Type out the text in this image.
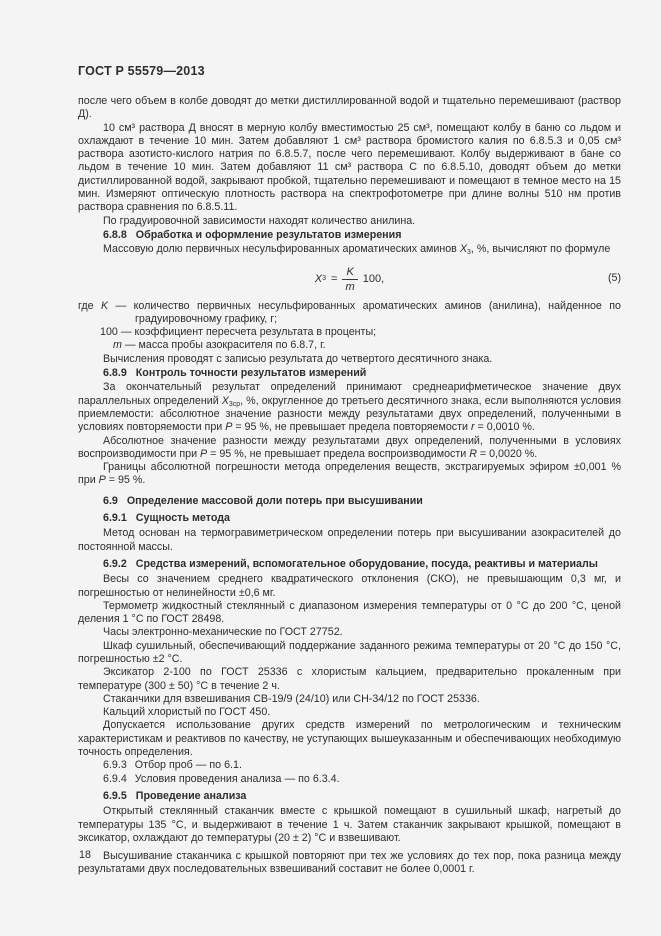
ГОСТ Р 55579—2013

после чего объем в колбе доводят до метки дистиллированной водой и тщательно перемешивают (раствор Д).

10 см³ раствора Д вносят в мерную колбу вместимостью 25 см³, помещают колбу в баню со льдом и охлаждают в течение 10 мин. Затем добавляют 1 см³ раствора бромистого калия по 6.8.5.3 и 0,05 см³ раствора азотисто-кислого натрия по 6.8.5.7, после чего перемешивают. Колбу выдерживают в бане со льдом в течение 10 мин. Затем добавляют 11 см³ раствора С по 6.8.5.10, доводят объем до метки дистиллированной водой, закрывают пробкой, тщательно перемешивают и помещают в темное место на 15 мин. Измеряют оптическую плотность раствора на спектрофотометре при длине волны 510 нм против раствора сравнения по 6.8.5.11.

По градуировочной зависимости находят количество анилина.

6.8.8 Обработка и оформление результатов измерения

Массовую долю первичных несульфированных ароматических аминов $X_3$, %, вычисляют по формуле

X $3 = \frac{K}{m} 100$,	(5)

где K — количество первичных несульфированных ароматических аминов (анилина), найденное по градуировочному графику, г;

100 — коэффициент пересчета результата в проценты;

m — масса пробы азокрасителя по 6.8.7, г.

Вычисления проводят с записью результата до четвертого десятичного знака.

6.8.9 Контроль точности результатов измерений

За окончательный результат определений принимают среднеарифметическое значение двух параллельных определений $X_{3ср}$, %, округленное до третьего десятичного знака, если выполняются условия приемлемости: абсолютное значение разности между результатами двух определений, полученными в условиях повторяемости при P = 95 %, не превышает предела повторяемости r = 0,0010 %.

Абсолютное значение разности между результатами двух определений, полученными в условиях воспроизводимости при P = 95 %, не превышает предела воспроизводимости R = 0,0020 %.

Границы абсолютной погрешности метода определения веществ, экстрагируемых эфиром ±0,001 % при P = 95 %.

6.9 Определение массовой доли потерь при высушивании

6.9.1 Сущность метода

Метод основан на термогравиметрическом определении потерь при высушивании азокрасителей до постоянной массы.

6.9.2 Средства измерений, вспомогательное оборудование, посуда, реактивы и материалы

Весы со значением среднего квадратического отклонения (СКО), не превышающим 0,3 мг, и погрешностью от нелинейности ±0,6 мг.

Термометр жидкостный стеклянный с диапазоном измерения температуры от 0 °С до 200 °С, ценой деления 1 °С по ГОСТ 28498.

Часы электронно-механические по ГОСТ 27752.

Шкаф сушильный, обеспечивающий поддержание заданного режима температуры от 20 °С до 150 °С, погрешностью ±2 °С.

Эксикатор 2-100 по ГОСТ 25336 с хлористым кальцием, предварительно прокаленным при температуре (300 ± 50) °С в течение 2 ч.

Стаканчики для взвешивания СВ-19/9 (24/10) или СН-34/12 по ГОСТ 25336.

Кальций хлористый по ГОСТ 450.

Допускается использование других средств измерений по метрологическим и техническим характеристикам и реактивов по качеству, не уступающих вышеуказанным и обеспечивающих необходимую точность определения.

6.9.3 Отбор проб — по 6.1.

6.9.4 Условия проведения анализа — по 6.3.4.

6.9.5 Проведение анализа

Открытый стеклянный стаканчик вместе с крышкой помещают в сушильный шкаф, нагретый до температуры 135 °С, и выдерживают в течение 1 ч. Затем стаканчик закрывают крышкой, помещают в эксикатор, охлаждают до температуры (20 ± 2) °С и взвешивают.

Высушивание стаканчика с крышкой повторяют при тех же условиях до тех пор, пока разница между результатами двух последовательных взвешиваний составит не более 0,0001 г.

18
